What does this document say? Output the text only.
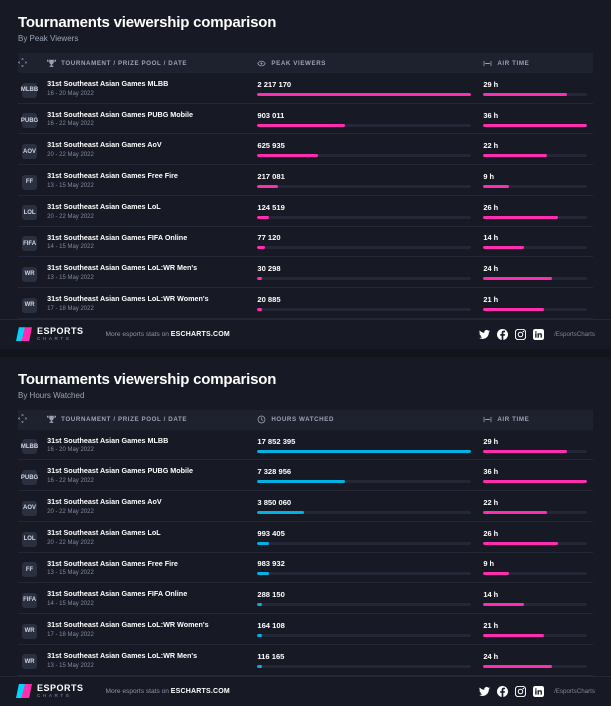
Tournaments viewership comparison
By Peak Viewers

TOURNAMENT / PRIZE POOL / DATE	PEAK VIEWERS	AIR TIME

MLBB	31st Southeast Asian Games MLBB
16 - 20 May 2022	2 217 170	29 h

PUBG	31st Southeast Asian Games PUBG Mobile
16 - 22 May 2022	903 011	36 h

AOV	31st Southeast Asian Games AoV
20 - 22 May 2022	625 935	22 h

FF	31st Southeast Asian Games Free Fire
13 - 15 May 2022	217 081	9 h

LOL	31st Southeast Asian Games LoL
20 - 22 May 2022	124 519	26 h

FIFA	31st Southeast Asian Games FIFA Online
14 - 15 May 2022	77 120	14 h

WR	31st Southeast Asian Games LoL:WR Men's
13 - 15 May 2022	30 298	24 h

WR	31st Southeast Asian Games LoL:WR Women's
17 - 18 May 2022	20 885	21 h
ESPORTS
CHARTS
More esports stats on ESCHARTS.COM	/EsportsCharts
Tournaments viewership comparison
By Hours Watched

TOURNAMENT / PRIZE POOL / DATE	HOURS WATCHED	AIR TIME

MLBB	31st Southeast Asian Games MLBB
16 - 20 May 2022	17 852 395	29 h

PUBG	31st Southeast Asian Games PUBG Mobile
16 - 22 May 2022	7 328 956	36 h

AOV	31st Southeast Asian Games AoV
20 - 22 May 2022	3 850 060	22 h

LOL	31st Southeast Asian Games LoL
20 - 22 May 2022	993 405	26 h

FF	31st Southeast Asian Games Free Fire
13 - 15 May 2022	983 932	9 h

FIFA	31st Southeast Asian Games FIFA Online
14 - 15 May 2022	288 150	14 h

WR	31st Southeast Asian Games LoL:WR Women's
17 - 18 May 2022	164 108	21 h

WR	31st Southeast Asian Games LoL:WR Men's
13 - 15 May 2022	116 165	24 h
ESPORTS
CHARTS
More esports stats on ESCHARTS.COM	/EsportsCharts
